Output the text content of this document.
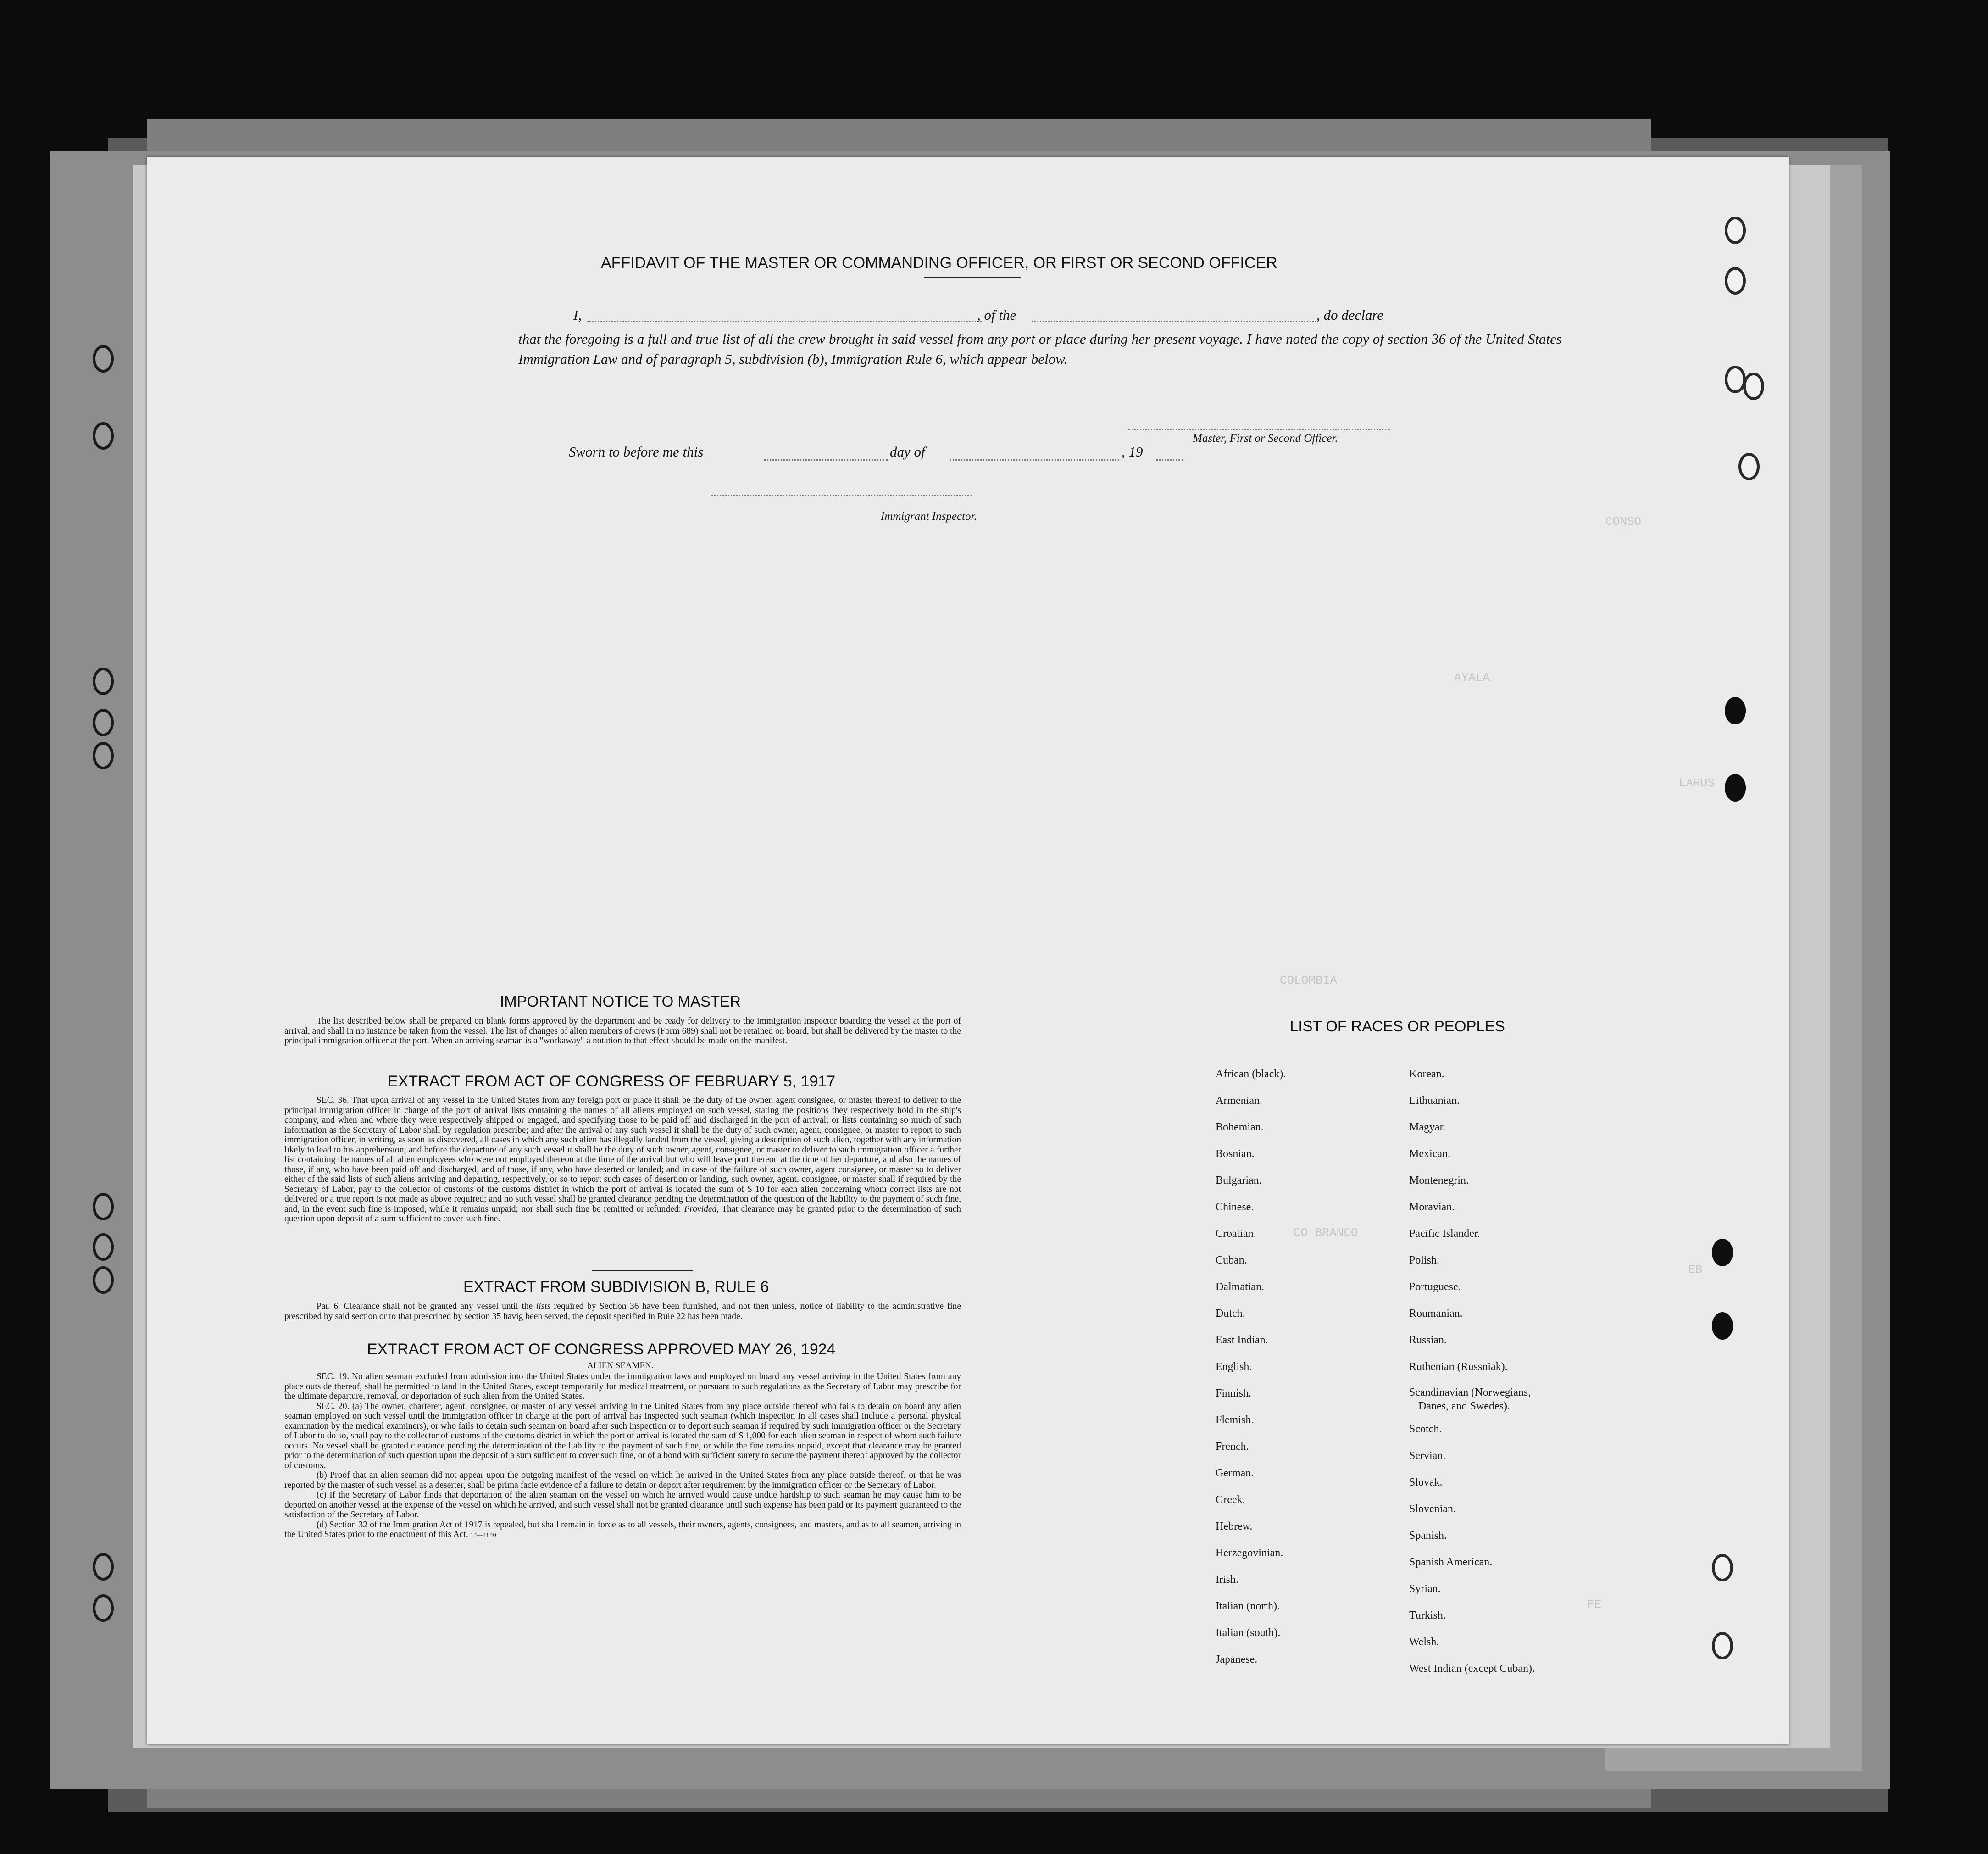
CONSO
AYALA
LARUS
COLOMBIA
CO BRANCO
EB
FE
AFFIDAVIT OF THE MASTER OR COMMANDING OFFICER, OR FIRST OR SECOND OFFICER
I,	, of the	, do declare
that the foregoing is a full and true list of all the crew brought in said vessel from any port or place during her present voyage. I have noted the copy of section 36 of the United States Immigration Law and of paragraph 5, subdivision (b), Immigration Rule 6, which appear below.
Master, First or Second Officer.
Sworn to before me this	day of	, 19
Immigrant Inspector.
IMPORTANT NOTICE TO MASTER

The list described below shall be prepared on blank forms approved by the department and be ready for delivery to the immigration inspector boarding the vessel at the port of arrival, and shall in no instance be taken from the vessel. The list of changes of alien members of crews (Form 689) shall not be retained on board, but shall be delivered by the master to the principal immigration officer at the port. When an arriving seaman is a "workaway" a notation to that effect should be made on the manifest.

EXTRACT FROM ACT OF CONGRESS OF FEBRUARY 5, 1917

SEC. 36. That upon arrival of any vessel in the United States from any foreign port or place it shall be the duty of the owner, agent consignee, or master thereof to deliver to the principal immigration officer in charge of the port of arrival lists containing the names of all aliens employed on such vessel, stating the positions they respectively hold in the ship's company, and when and where they were respectively shipped or engaged, and specifying those to be paid off and discharged in the port of arrival; or lists containing so much of such information as the Secretary of Labor shall by regulation prescribe; and after the arrival of any such vessel it shall be the duty of such owner, agent, consignee, or master to report to such immigration officer, in writing, as soon as discovered, all cases in which any such alien has illegally landed from the vessel, giving a description of such alien, together with any information likely to lead to his apprehension; and before the departure of any such vessel it shall be the duty of such owner, agent, consignee, or master to deliver to such immigration officer a further list containing the names of all alien employees who were not employed thereon at the time of the arrival but who will leave port thereon at the time of her departure, and also the names of those, if any, who have been paid off and discharged, and of those, if any, who have deserted or landed; and in case of the failure of such owner, agent consignee, or master so to deliver either of the said lists of such aliens arriving and departing, respectively, or so to report such cases of desertion or landing, such owner, agent, consignee, or master shall if required by the Secretary of Labor, pay to the collector of customs of the customs district in which the port of arrival is located the sum of $ 10 for each alien concerning whom correct lists are not delivered or a true report is not made as above required; and no such vessel shall be granted clearance pending the determination of the question of the liability to the payment of such fine, and, in the event such fine is imposed, while it remains unpaid; nor shall such fine be remitted or refunded: Provided, That clearance may be granted prior to the determination of such question upon deposit of a sum sufficient to cover such fine.

EXTRACT FROM SUBDIVISION B, RULE 6

Par. 6. Clearance shall not be granted any vessel until the lists required by Section 36 have been furnished, and not then unless, notice of liability to the administrative fine prescribed by said section or to that prescribed by section 35 havig been served, the deposit specified in Rule 22 has been made.

EXTRACT FROM ACT OF CONGRESS APPROVED MAY 26, 1924
ALIEN SEAMEN.

SEC. 19. No alien seaman excluded from admission into the United States under the immigration laws and employed on board any vessel arriving in the United States from any place outside thereof, shall be permitted to land in the United States, except temporarily for medical treatment, or pursuant to such regulations as the Secretary of Labor may prescribe for the ultimate departure, removal, or deportation of such alien from the United States.

SEC. 20. (a) The owner, charterer, agent, consignee, or master of any vessel arriving in the United States from any place outside thereof who fails to detain on board any alien seaman employed on such vessel until the immigration officer in charge at the port of arrival has inspected such seaman (which inspection in all cases shall include a personal physical examination by the medical examiners), or who fails to detain such seaman on board after such inspection or to deport such seaman if required by such immigration officer or the Secretary of Labor to do so, shall pay to the collector of customs of the customs district in which the port of arrival is located the sum of $ 1,000 for each alien seaman in respect of whom such failure occurs. No vessel shall be granted clearance pending the determination of the liability to the payment of such fine, or while the fine remains unpaid, except that clearance may be granted prior to the determination of such question upon the deposit of a sum sufficient to cover such fine, or of a bond with sufficient surety to secure the payment thereof approved by the collector of customs.

(b) Proof that an alien seaman did not appear upon the outgoing manifest of the vessel on which he arrived in the United States from any place outside thereof, or that he was reported by the master of such vessel as a deserter, shall be prima facie evidence of a failure to detain or deport after requirement by the immigration officer or the Secretary of Labor.

(c) If the Secretary of Labor finds that deportation of the alien seaman on the vessel on which he arrived would cause undue hardship to such seaman he may cause him to be deported on another vessel at the expense of the vessel on which he arrived, and such vessel shall not be granted clearance until such expense has been paid or its payment guaranteed to the satisfaction of the Secretary of Labor.

(d) Section 32 of the Immigration Act of 1917 is repealed, but shall remain in force as to all vessels, their owners, agents, consignees, and masters, and as to all seamen, arriving in the United States prior to the enactment of this Act. 14—1840

LIST OF RACES OR PEOPLES
African (black).
Armenian.
Bohemian.
Bosnian.
Bulgarian.
Chinese.
Croatian.
Cuban.
Dalmatian.
Dutch.
East Indian.
English.
Finnish.
Flemish.
French.
German.
Greek.
Hebrew.
Herzegovinian.
Irish.
Italian (north).
Italian (south).
Japanese.
Korean.
Lithuanian.
Magyar.
Mexican.
Montenegrin.
Moravian.
Pacific Islander.
Polish.
Portuguese.
Roumanian.
Russian.
Ruthenian (Russniak).
Scandinavian (Norwegians,
Danes, and Swedes).
Scotch.
Servian.
Slovak.
Slovenian.
Spanish.
Spanish American.
Syrian.
Turkish.
Welsh.
West Indian (except Cuban).
